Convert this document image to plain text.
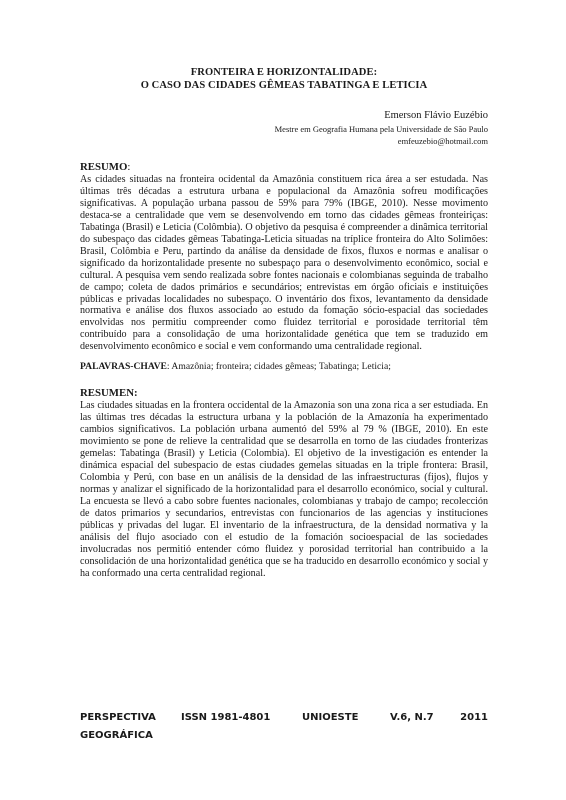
FRONTEIRA E HORIZONTALIDADE:
O CASO DAS CIDADES GÊMEAS TABATINGA E LETICIA
Emerson Flávio Euzébio
Mestre em Geografia Humana pela Universidade de São Paulo
emfeuzebio@hotmail.com
RESUMO:

As cidades situadas na fronteira ocidental da Amazônia constituem rica área a ser estudada. Nas últimas três décadas a estrutura urbana e populacional da Amazônia sofreu modificações significativas. A população urbana passou de 59% para 79% (IBGE, 2010). Nesse movimento destaca-se a centralidade que vem se desenvolvendo em torno das cidades gêmeas fronteiriças: Tabatinga (Brasil) e Leticia (Colômbia). O objetivo da pesquisa é compreender a dinâmica territorial do subespaço das cidades gêmeas Tabatinga-Leticia situadas na tríplice fronteira do Alto Solimões: Brasil, Colômbia e Peru, partindo da análise da densidade de fixos, fluxos e normas e analisar o significado da horizontalidade presente no subespaço para o desenvolvimento econômico, social e cultural. A pesquisa vem sendo realizada sobre fontes nacionais e colombianas seguinda de trabalho de campo; coleta de dados primários e secundários; entrevistas em órgão oficiais e instituições públicas e privadas localidades no subespaço. O inventário dos fixos, levantamento da densidade normativa e análise dos fluxos associado ao estudo da fomação sócio-espacial das sociedades envolvidas nos permitiu compreender como fluidez territorial e porosidade territorial têm contribuído para a consolidação de uma horizontalidade genética que tem se traduzido em desenvolvimento econômico e social e vem conformando uma centralidade regional.

PALAVRAS-CHAVE: Amazônia; fronteira; cidades gêmeas; Tabatinga; Leticia;
RESUMEN:

Las ciudades situadas en la frontera occidental de la Amazonia son una zona rica a ser estudiada. En las últimas tres décadas la estructura urbana y la población de la Amazonía ha experimentado cambios significativos. La población urbana aumentó del 59% al 79 % (IBGE, 2010). En este movimiento se pone de relieve la centralidad que se desarrolla en torno de las ciudades fronterizas gemelas: Tabatinga (Brasil) y Leticia (Colombia). El objetivo de la investigación es entender la dinámica espacial del subespacio de estas ciudades gemelas situadas en la triple frontera: Brasil, Colombia y Perú, con base en un análisis de la densidad de las infraestructuras (fijos), flujos y normas y analizar el significado de la horizontalidad para el desarrollo económico, social y cultural. La encuesta se llevó a cabo sobre fuentes nacionales, colombianas y trabajo de campo; recolección de datos primarios y secundarios, entrevistas con funcionarios de las agencias y instituciones públicas y privadas del lugar. El inventario de la infraestructura, de la densidad normativa y la análisis del flujo asociado con el estudio de la fomación socioespacial de las sociedades involucradas nos permitió entender cómo fluidez y porosidad territorial han contribuido a la consolidación de una horizontalidad genética que se ha traducido en desarrollo económico y social y ha conformado una certa centralidad regional.

PERSPECTIVA	ISSN 1981-4801	UNIOESTE	V.6, N.7	2011
GEOGRÁFICA
